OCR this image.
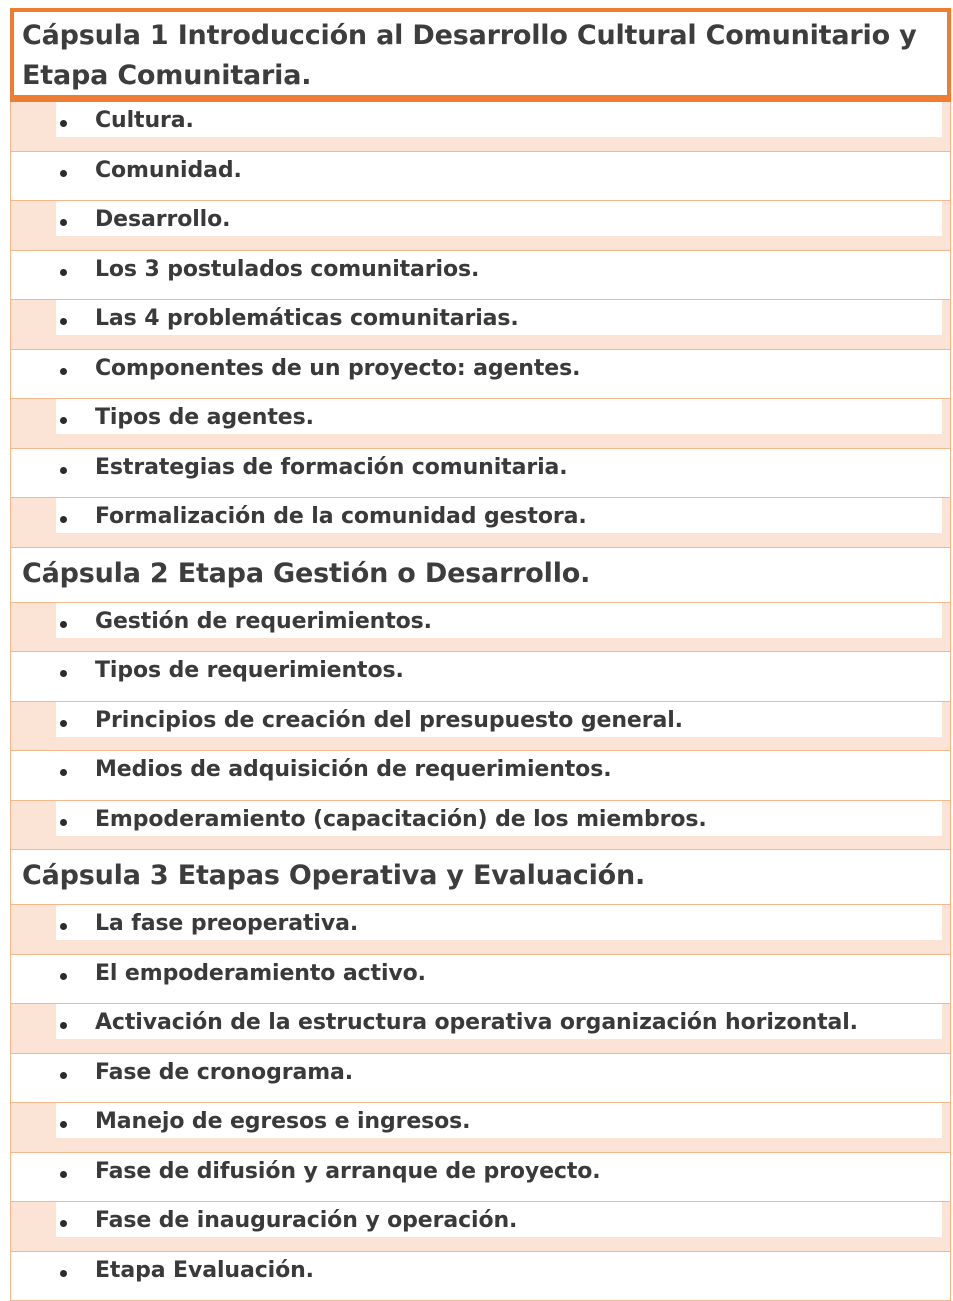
Cápsula 1 Introducción al Desarrollo Cultural Comunitario y Etapa Comunitaria.
Cultura.
Comunidad.
Desarrollo.
Los 3 postulados comunitarios.
Las 4 problemáticas comunitarias.
Componentes de un proyecto: agentes.
Tipos de agentes.
Estrategias de formación comunitaria.
Formalización de la comunidad gestora.
Cápsula 2 Etapa Gestión o Desarrollo.
Gestión de requerimientos.
Tipos de requerimientos.
Principios de creación del presupuesto general.
Medios de adquisición de requerimientos.
Empoderamiento (capacitación) de los miembros.
Cápsula 3 Etapas Operativa y Evaluación.
La fase preoperativa.
El empoderamiento activo.
Activación de la estructura operativa organización horizontal.
Fase de cronograma.
Manejo de egresos e ingresos.
Fase de difusión y arranque de proyecto.
Fase de inauguración y operación.
Etapa Evaluación.
